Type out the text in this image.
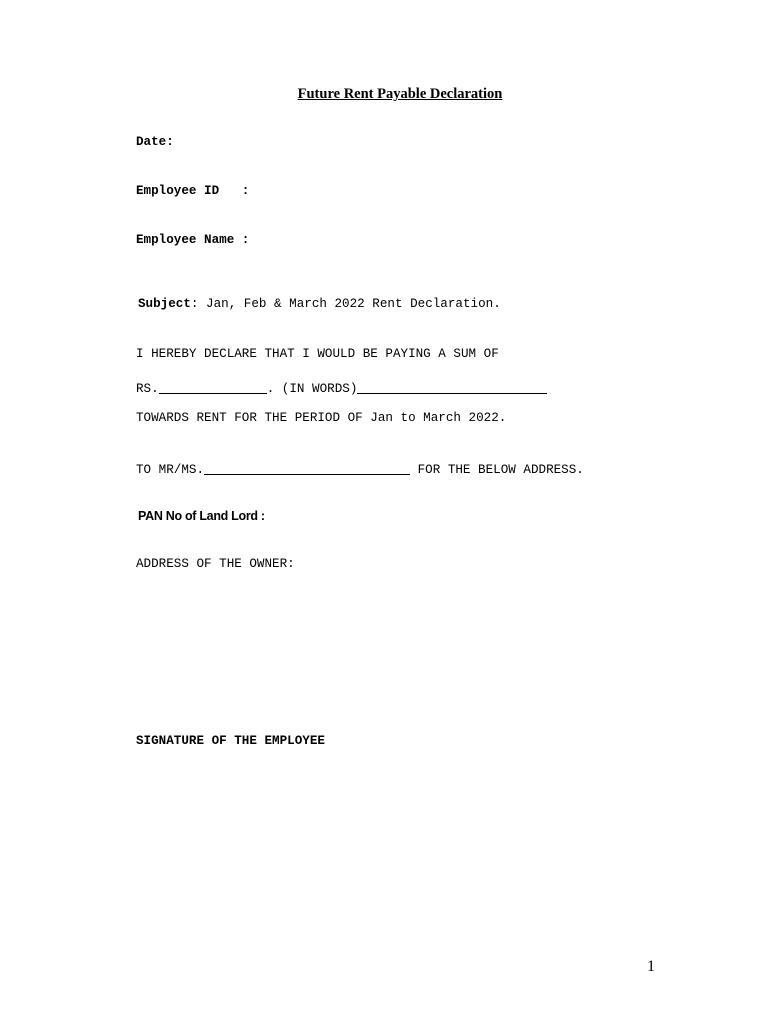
Future Rent Payable Declaration
Date:
Employee ID   :
Employee Name :
Subject: Jan, Feb & March 2022 Rent Declaration.
I HEREBY DECLARE THAT I WOULD BE PAYING A SUM OF
RS.	. (IN WORDS)
TOWARDS RENT FOR THE PERIOD OF Jan to March 2022.
TO MR/MS.	FOR THE BELOW ADDRESS.
PAN No of Land Lord :
ADDRESS OF THE OWNER:
SIGNATURE OF THE EMPLOYEE
1
